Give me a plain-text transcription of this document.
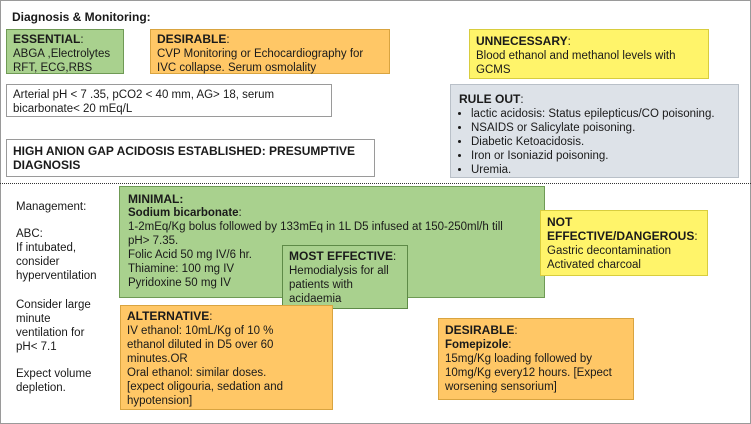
Diagnosis & Monitoring:
ESSENTIAL:
ABGA ,Electrolytes
RFT, ECG,RBS
DESIRABLE:
CVP Monitoring or Echocardiography for
IVC collapse. Serum osmolality
UNNECESSARY:
Blood ethanol and methanol levels with
GCMS
Arterial pH < 7 .35, pCO2 < 40 mm, AG> 18, serum
bicarbonate< 20 mEq/L
RULE OUT:
• lactic acidosis: Status epilepticus/CO poisoning.
• NSAIDS or Salicylate poisoning.
• Diabetic Ketoacidosis.
• Iron or Isoniazid poisoning.
• Uremia.
HIGH ANION GAP ACIDOSIS ESTABLISHED: PRESUMPTIVE
DIAGNOSIS
Management:
ABC:
If intubated,
consider
hyperventilation
Consider large
minute
ventilation for
pH< 7.1
Expect volume
depletion.
MINIMAL:
Sodium bicarbonate:
1-2mEq/Kg bolus followed by 133mEq in 1L D5 infused at 150-250ml/h till
pH> 7.35.
Folic Acid 50 mg IV/6 hr.
Thiamine: 100 mg IV
Pyridoxine 50 mg IV
MOST EFFECTIVE:
Hemodialysis for all
patients with
acidaemia
NOT
EFFECTIVE/DANGEROUS:
Gastric decontamination
Activated charcoal
ALTERNATIVE:
IV ethanol: 10mL/Kg of 10 %
ethanol diluted in D5 over 60
minutes.OR
Oral ethanol: similar doses.
[expect oligouria, sedation and
hypotension]
DESIRABLE:
Fomepizole:
15mg/Kg loading followed by
10mg/Kg every12 hours. [Expect
worsening sensorium]
